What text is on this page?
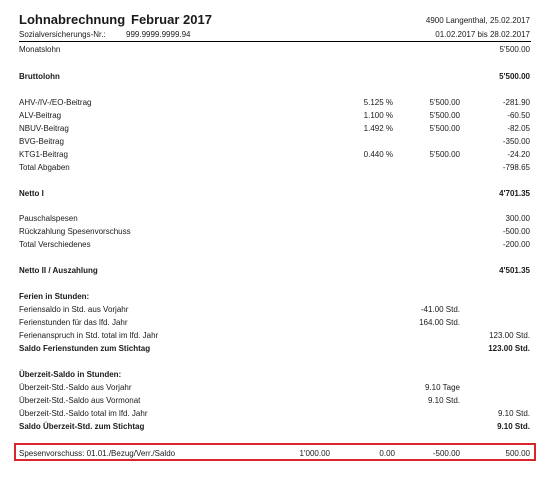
Lohnabrechnung Februar 2017	4900 Langenthal, 25.02.2017
Sozialversicherungs-Nr.:	999.9999.9999.94	01.02.2017 bis 28.02.2017
Monatslohn	5'500.00
Bruttolohn	5'500.00
AHV-/IV-/EO-Beitrag	5.125 %	5'500.00	-281.90
ALV-Beitrag	1.100 %	5'500.00	-60.50
NBUV-Beitrag	1.492 %	5'500.00	-82.05
BVG-Beitrag	-350.00
KTG1-Beitrag	0.440 %	5'500.00	-24.20
Total Abgaben	-798.65
Netto I	4'701.35
Pauschalspesen	300.00
Rückzahlung Spesenvorschuss	-500.00
Total Verschiedenes	-200.00
Netto II / Auszahlung	4'501.35
Ferien in Stunden:
Feriensaldo in Std. aus Vorjahr	-41.00 Std.
Ferienstunden für das lfd. Jahr	164.00 Std.
Ferienanspruch in Std. total im lfd. Jahr	123.00 Std.
Saldo Ferienstunden zum Stichtag	123.00 Std.
Überzeit-Saldo in Stunden:
Überzeit-Std.-Saldo aus Vorjahr	9.10 Tage
Überzeit-Std.-Saldo aus Vormonat	9.10 Std.
Überzeit-Std.-Saldo total im lfd. Jahr	9.10 Std.
Saldo Überzeit-Std. zum Stichtag	9.10 Std.
Spesenvorschuss: 01.01./Bezug/Verr./Saldo	1'000.00	0.00	-500.00	500.00
